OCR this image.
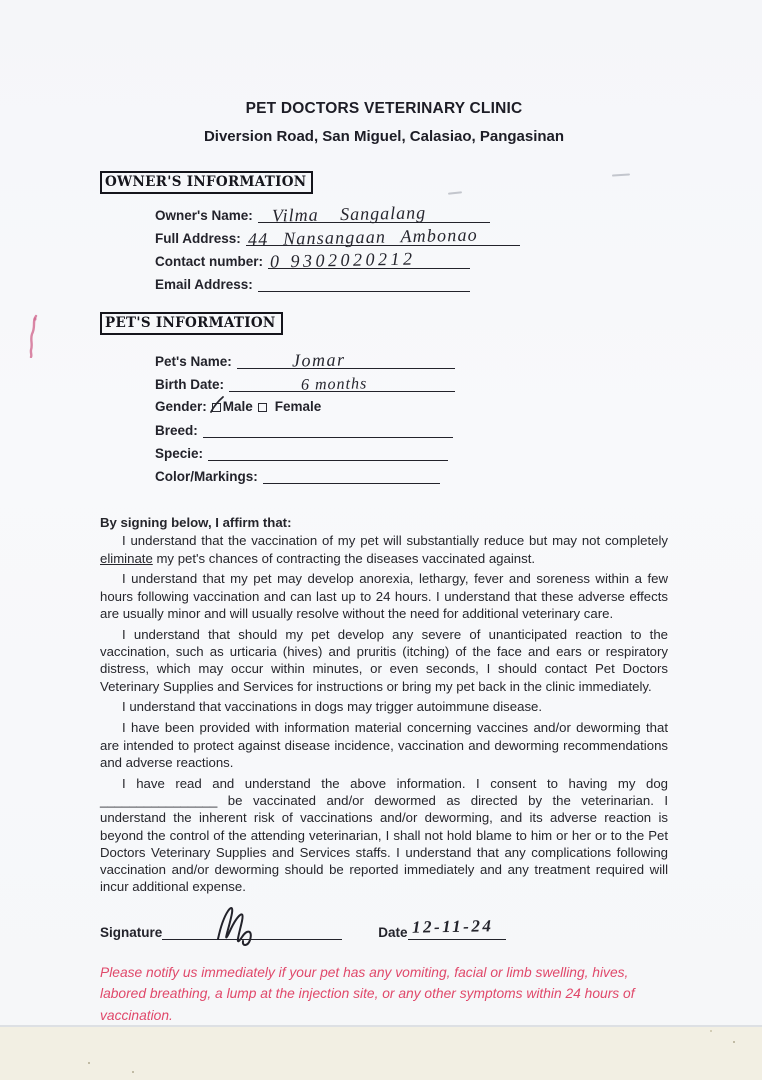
PET DOCTORS VETERINARY CLINIC
Diversion Road, San Miguel, Calasiao, Pangasinan
OWNER'S INFORMATION
Owner's Name: Vilma Sangalang
Full Address: 44 Nansangaan Ambonao
Contact number: 0 9302020212
Email Address:
PET'S INFORMATION
Pet's Name:	Jomar
Birth Date:	6 months
Gender: Male Female
Breed:
Specie:
Color/Markings:
By signing below, I affirm that:

I understand that the vaccination of my pet will substantially reduce but may not completely eliminate my pet's chances of contracting the diseases vaccinated against.

I understand that my pet may develop anorexia, lethargy, fever and soreness within a few hours following vaccination and can last up to 24 hours. I understand that these adverse effects are usually minor and will usually resolve without the need for additional veterinary care.

I understand that should my pet develop any severe of unanticipated reaction to the vaccination, such as urticaria (hives) and pruritis (itching) of the face and ears or respiratory distress, which may occur within minutes, or even seconds, I should contact Pet Doctors Veterinary Supplies and Services for instructions or bring my pet back in the clinic immediately.

I understand that vaccinations in dogs may trigger autoimmune disease.

I have been provided with information material concerning vaccines and/or deworming that are intended to protect against disease incidence, vaccination and deworming recommendations and adverse reactions.

I have read and understand the above information. I consent to having my dog ________________ be vaccinated and/or dewormed as directed by the veterinarian. I understand the inherent risk of vaccinations and/or deworming, and its adverse reaction is beyond the control of the attending veterinarian, I shall not hold blame to him or her or to the Pet Doctors Veterinary Supplies and Services staffs. I understand that any complications following vaccination and/or deworming should be reported immediately and any treatment required will incur additional expense.

Signature	Date 12-11-24
Please notify us immediately if your pet has any vomiting, facial or limb swelling, hives, labored breathing, a lump at the injection site, or any other symptoms within 24 hours of vaccination.
